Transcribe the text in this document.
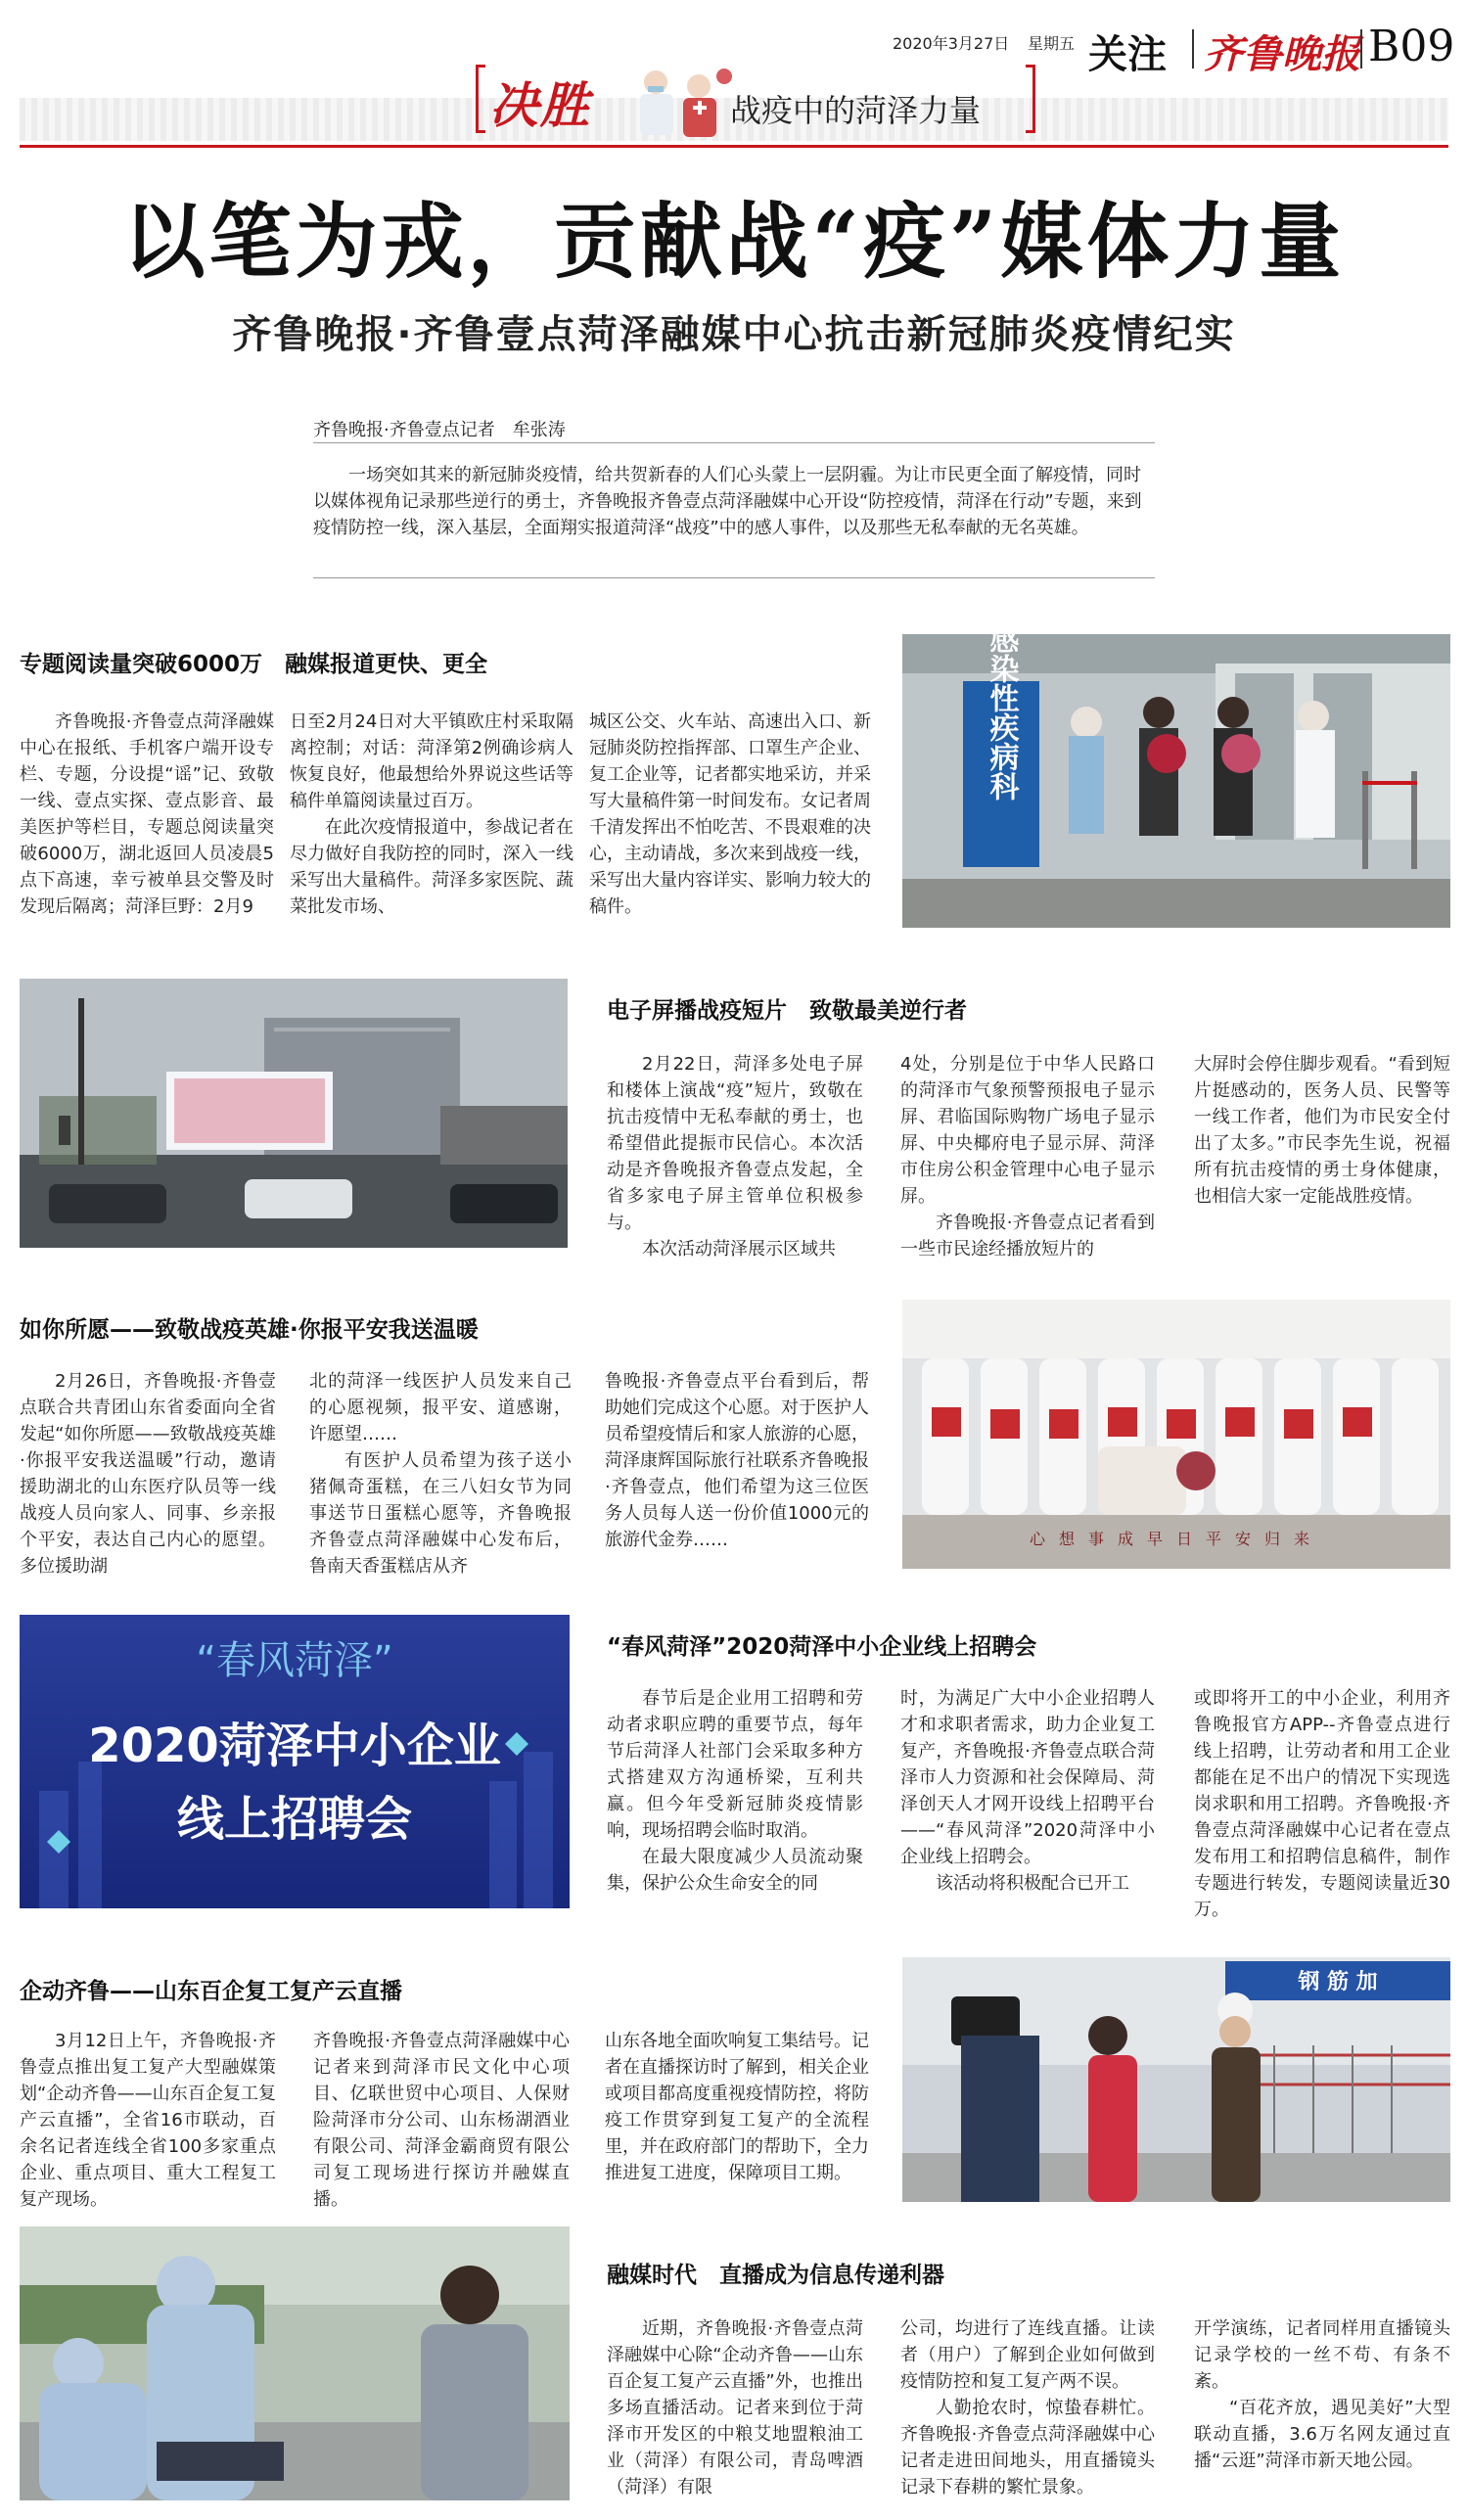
2020年3月27日 星期五 关注 齐鲁晚报 B09
决胜	战疫中的菏泽力量
以笔为戎，贡献战“疫”媒体力量
齐鲁晚报·齐鲁壹点菏泽融媒中心抗击新冠肺炎疫情纪实
齐鲁晚报·齐鲁壹点记者　牟张涛

一场突如其来的新冠肺炎疫情，给共贺新春的人们心头蒙上一层阴霾。为让市民更全面了解疫情，同时以媒体视角记录那些逆行的勇士，齐鲁晚报齐鲁壹点菏泽融媒中心开设“防控疫情，菏泽在行动”专题，来到疫情防控一线，深入基层，全面翔实报道菏泽“战疫”中的感人事件，以及那些无私奉献的无名英雄。

专题阅读量突破6000万　融媒报道更快、更全

齐鲁晚报·齐鲁壹点菏泽融媒中心在报纸、手机客户端开设专栏、专题，分设提“谣”记、致敬一线、壹点实探、壹点影音、最美医护等栏目，专题总阅读量突破6000万，湖北返回人员凌晨5点下高速，幸亏被单县交警及时发现后隔离；菏泽巨野：2月9

日至2月24日对大平镇欧庄村采取隔离控制；对话：菏泽第2例确诊病人恢复良好，他最想给外界说这些话等稿件单篇阅读量过百万。

在此次疫情报道中，参战记者在尽力做好自我防控的同时，深入一线采写出大量稿件。菏泽多家医院、蔬菜批发市场、

城区公交、火车站、高速出入口、新冠肺炎防控指挥部、口罩生产企业、复工企业等，记者都实地采访，并采写大量稿件第一时间发布。女记者周千清发挥出不怕吃苦、不畏艰难的决心，主动请战，多次来到战疫一线，采写出大量内容详实、影响力较大的稿件。

感染性疾病科
电子屏播战疫短片　致敬最美逆行者

2月22日，菏泽多处电子屏和楼体上演战“疫”短片，致敬在抗击疫情中无私奉献的勇士，也希望借此提振市民信心。本次活动是齐鲁晚报齐鲁壹点发起，全省多家电子屏主管单位积极参与。

本次活动菏泽展示区域共

4处，分别是位于中华人民路口的菏泽市气象预警预报电子显示屏、君临国际购物广场电子显示屏、中央椰府电子显示屏、菏泽市住房公积金管理中心电子显示屏。

齐鲁晚报·齐鲁壹点记者看到一些市民途经播放短片的

大屏时会停住脚步观看。“看到短片挺感动的，医务人员、民警等一线工作者，他们为市民安全付出了太多。”市民李先生说，祝福所有抗击疫情的勇士身体健康，也相信大家一定能战胜疫情。

如你所愿——致敬战疫英雄·你报平安我送温暖

2月26日，齐鲁晚报·齐鲁壹点联合共青团山东省委面向全省发起“如你所愿——致敬战疫英雄·你报平安我送温暖”行动，邀请援助湖北的山东医疗队员等一线战疫人员向家人、同事、乡亲报个平安，表达自己内心的愿望。多位援助湖

北的菏泽一线医护人员发来自己的心愿视频，报平安、道感谢，许愿望……

有医护人员希望为孩子送小猪佩奇蛋糕，在三八妇女节为同事送节日蛋糕心愿等，齐鲁晚报齐鲁壹点菏泽融媒中心发布后，鲁南天香蛋糕店从齐

鲁晚报·齐鲁壹点平台看到后，帮助她们完成这个心愿。对于医护人员希望疫情后和家人旅游的心愿，菏泽康辉国际旅行社联系齐鲁晚报·齐鲁壹点，他们希望为这三位医务人员每人送一份价值1000元的旅游代金券……	心想事成早日平安归来
“春风菏泽”
2020菏泽中小企业
线上招聘会
“春风菏泽”2020菏泽中小企业线上招聘会

春节后是企业用工招聘和劳动者求职应聘的重要节点，每年节后菏泽人社部门会采取多种方式搭建双方沟通桥梁，互利共赢。但今年受新冠肺炎疫情影响，现场招聘会临时取消。

在最大限度减少人员流动聚集，保护公众生命安全的同

时，为满足广大中小企业招聘人才和求职者需求，助力企业复工复产，齐鲁晚报·齐鲁壹点联合菏泽市人力资源和社会保障局、菏泽创天人才网开设线上招聘平台——“春风菏泽”2020菏泽中小企业线上招聘会。

该活动将积极配合已开工

或即将开工的中小企业，利用齐鲁晚报官方APP--齐鲁壹点进行线上招聘，让劳动者和用工企业都能在足不出户的情况下实现选岗求职和用工招聘。齐鲁晚报·齐鲁壹点菏泽融媒中心记者在壹点发布用工和招聘信息稿件，制作专题进行转发，专题阅读量近30万。

企动齐鲁——山东百企复工复产云直播

3月12日上午，齐鲁晚报·齐鲁壹点推出复工复产大型融媒策划“企动齐鲁——山东百企复工复产云直播”，全省16市联动，百余名记者连线全省100多家重点企业、重点项目、重大工程复工复产现场。

齐鲁晚报·齐鲁壹点菏泽融媒中心记者来到菏泽市民文化中心项目、亿联世贸中心项目、人保财险菏泽市分公司、山东杨湖酒业有限公司、菏泽金霸商贸有限公司复工现场进行探访并融媒直播。

山东各地全面吹响复工集结号。记者在直播探访时了解到，相关企业或项目都高度重视疫情防控，将防疫工作贯穿到复工复产的全流程里，并在政府部门的帮助下，全力推进复工进度，保障项目工期。

钢 筋 加
融媒时代　直播成为信息传递利器

近期，齐鲁晚报·齐鲁壹点菏泽融媒中心除“企动齐鲁——山东百企复工复产云直播”外，也推出多场直播活动。记者来到位于菏泽市开发区的中粮艾地盟粮油工业（菏泽）有限公司，青岛啤酒（菏泽）有限

公司，均进行了连线直播。让读者（用户）了解到企业如何做到疫情防控和复工复产两不误。

人勤抢农时，惊蛰春耕忙。齐鲁晚报·齐鲁壹点菏泽融媒中心记者走进田间地头，用直播镜头记录下春耕的繁忙景象。

开学演练，记者同样用直播镜头记录学校的一丝不苟、有条不紊。

“百花齐放，遇见美好”大型联动直播，3.6万名网友通过直播“云逛”菏泽市新天地公园。
